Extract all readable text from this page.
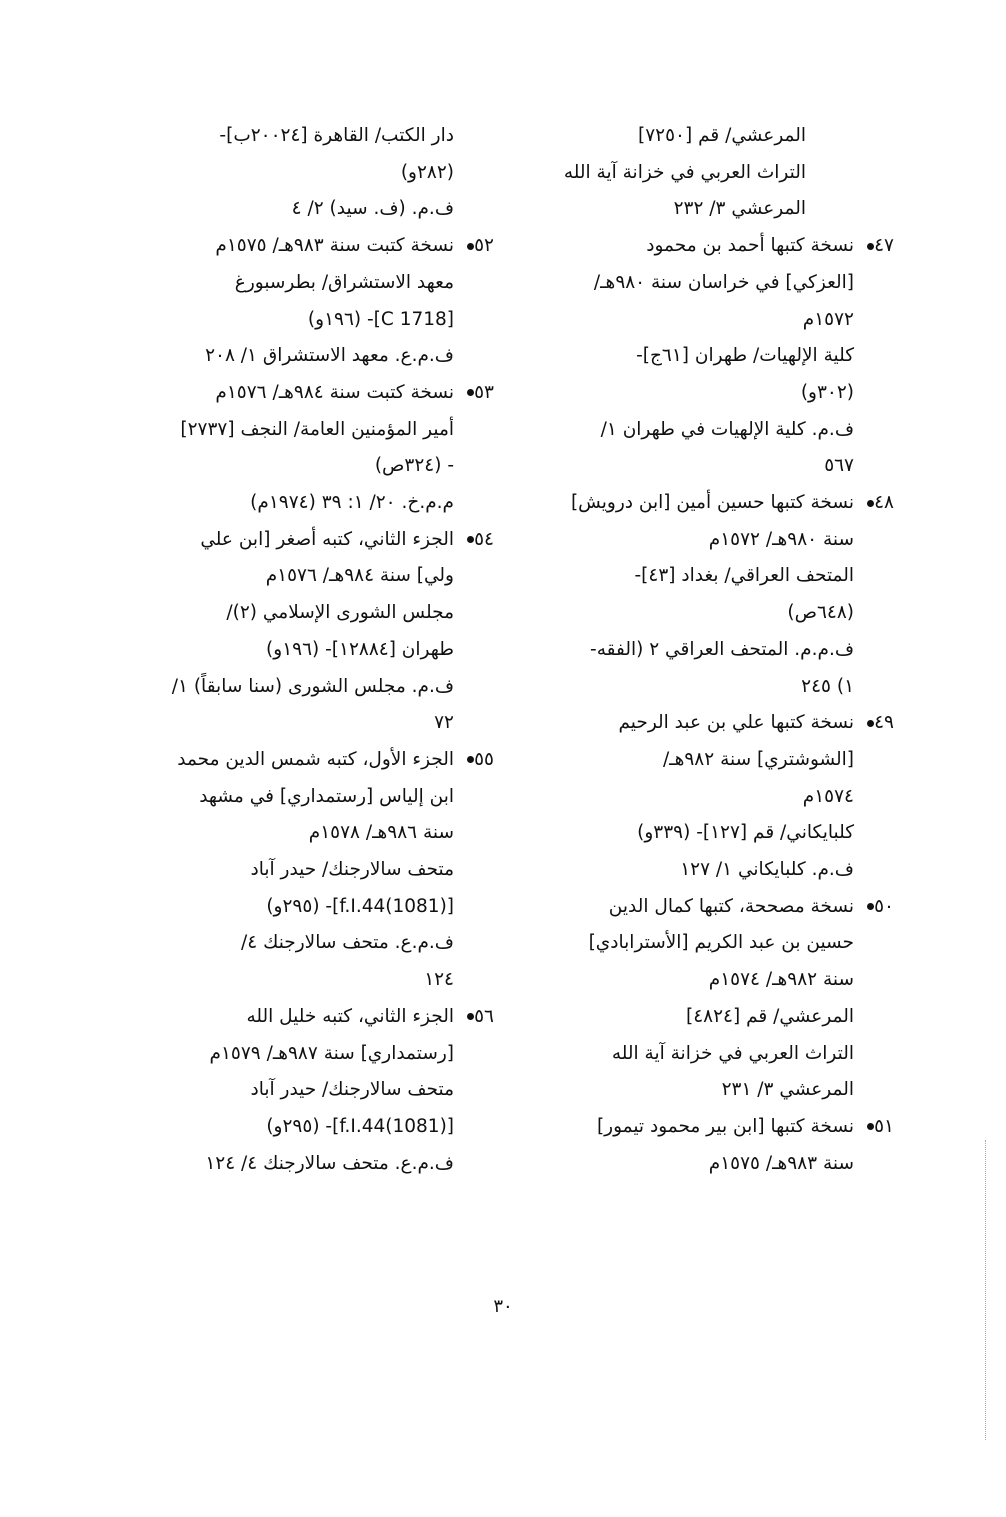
المرعشي/ قم [٧٢٥٠]
التراث العربي في خزانة آية الله
المرعشي ٣/ ٢٣٢
٤٧
نسخة كتبها أحمد بن محمود
[العزكي] في خراسان سنة ٩٨٠هـ/
١٥٧٢م
كلية الإلهيات/ طهران [٦١ج]-
(٣٠٢و)
ف.م. كلية الإلهيات في طهران ١/
٥٦٧
٤٨
نسخة كتبها حسين أمين [ابن درويش]
سنة ٩٨٠هـ/ ١٥٧٢م
المتحف العراقي/ بغداد [٤٣]-
(٦٤٨ص)
ف.م.م. المتحف العراقي ٢ (الفقه-
١) ٢٤٥
٤٩
نسخة كتبها علي بن عبد الرحيم
[الشوشتري] سنة ٩٨٢هـ/
١٥٧٤م
كلبايكاني/ قم [١٢٧]- (٣٣٩و)
ف.م. كلبايكاني ١/ ١٢٧
٥٠
نسخة مصححة، كتبها كمال الدين
حسين بن عبد الكريم [الأسترابادي]
سنة ٩٨٢هـ/ ١٥٧٤م
المرعشي/ قم [٤٨٢٤]
التراث العربي في خزانة آية الله
المرعشي ٣/ ٢٣١
٥١
نسخة كتبها [ابن بير محمود تيمور]
سنة ٩٨٣هـ/ ١٥٧٥م
دار الكتب/ القاهرة [٢٠٠٢٤ب]-
(٢٨٢و)
ف.م. (ف. سيد) ٢/ ٤
٥٢
نسخة كتبت سنة ٩٨٣هـ/ ١٥٧٥م
معهد الاستشراق/ بطرسبورغ
[C 1718]- (١٩٦و)
ف.م.ع. معهد الاستشراق ١/ ٢٠٨
٥٣
نسخة كتبت سنة ٩٨٤هـ/ ١٥٧٦م
أمير المؤمنين العامة/ النجف [٢٧٣٧]
- (٣٢٤ص)
م.م.خ. ٢٠/ ١: ٣٩ (١٩٧٤م)
٥٤
الجزء الثاني، كتبه أصغر [ابن علي
ولي] سنة ٩٨٤هـ/ ١٥٧٦م
مجلس الشورى الإسلامي (٢)/
طهران [١٢٨٨٤]- (١٩٦و)
ف.م. مجلس الشورى (سنا سابقاً) ١/
٧٢
٥٥
الجزء الأول، كتبه شمس الدين محمد
ابن إلياس [رستمداري] في مشهد
سنة ٩٨٦هـ/ ١٥٧٨م
متحف سالارجنك/ حيدر آباد
[(1081)f.I.44]- (٢٩٥و)
ف.م.ع. متحف سالارجنك ٤/
١٢٤
٥٦
الجزء الثاني، كتبه خليل الله
[رستمداري] سنة ٩٨٧هـ/ ١٥٧٩م
متحف سالارجنك/ حيدر آباد
[(1081)f.I.44]- (٢٩٥و)
ف.م.ع. متحف سالارجنك ٤/ ١٢٤
٣٠
